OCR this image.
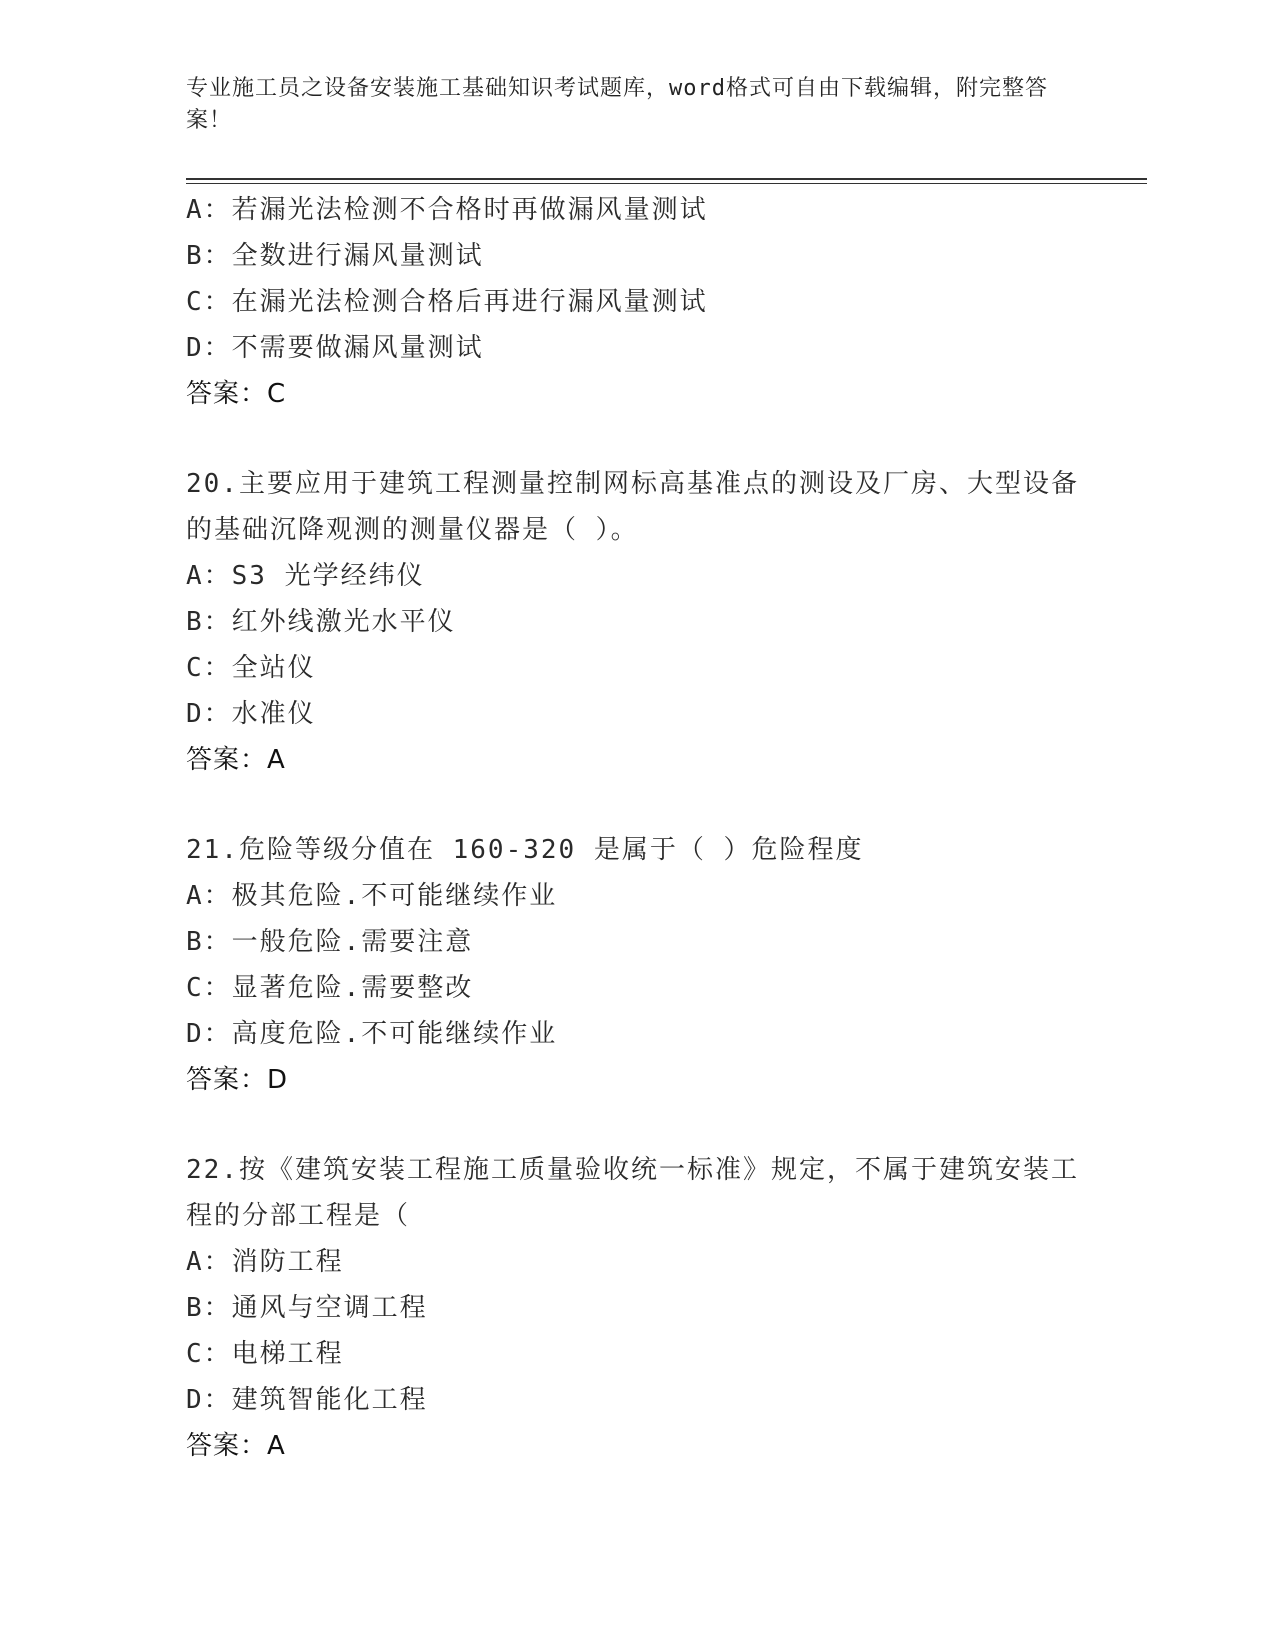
专业施工员之设备安装施工基础知识考试题库，word格式可自由下载编辑，附完整答案！
A：若漏光法检测不合格时再做漏风量测试
B：全数进行漏风量测试
C：在漏光法检测合格后再进行漏风量测试
D：不需要做漏风量测试
答案：C
20.主要应用于建筑工程测量控制网标高基准点的测设及厂房、大型设备的基础沉降观测的测量仪器是（ ）。
A：S3 光学经纬仪
B：红外线激光水平仪
C：全站仪
D：水准仪
答案：A
21.危险等级分值在 160-320 是属于（ ）危险程度
A：极其危险.不可能继续作业
B：一般危险.需要注意
C：显著危险.需要整改
D：高度危险.不可能继续作业
答案：D
22.按《建筑安装工程施工质量验收统一标准》规定，不属于建筑安装工程的分部工程是（
A：消防工程
B：通风与空调工程
C：电梯工程
D：建筑智能化工程
答案：A
